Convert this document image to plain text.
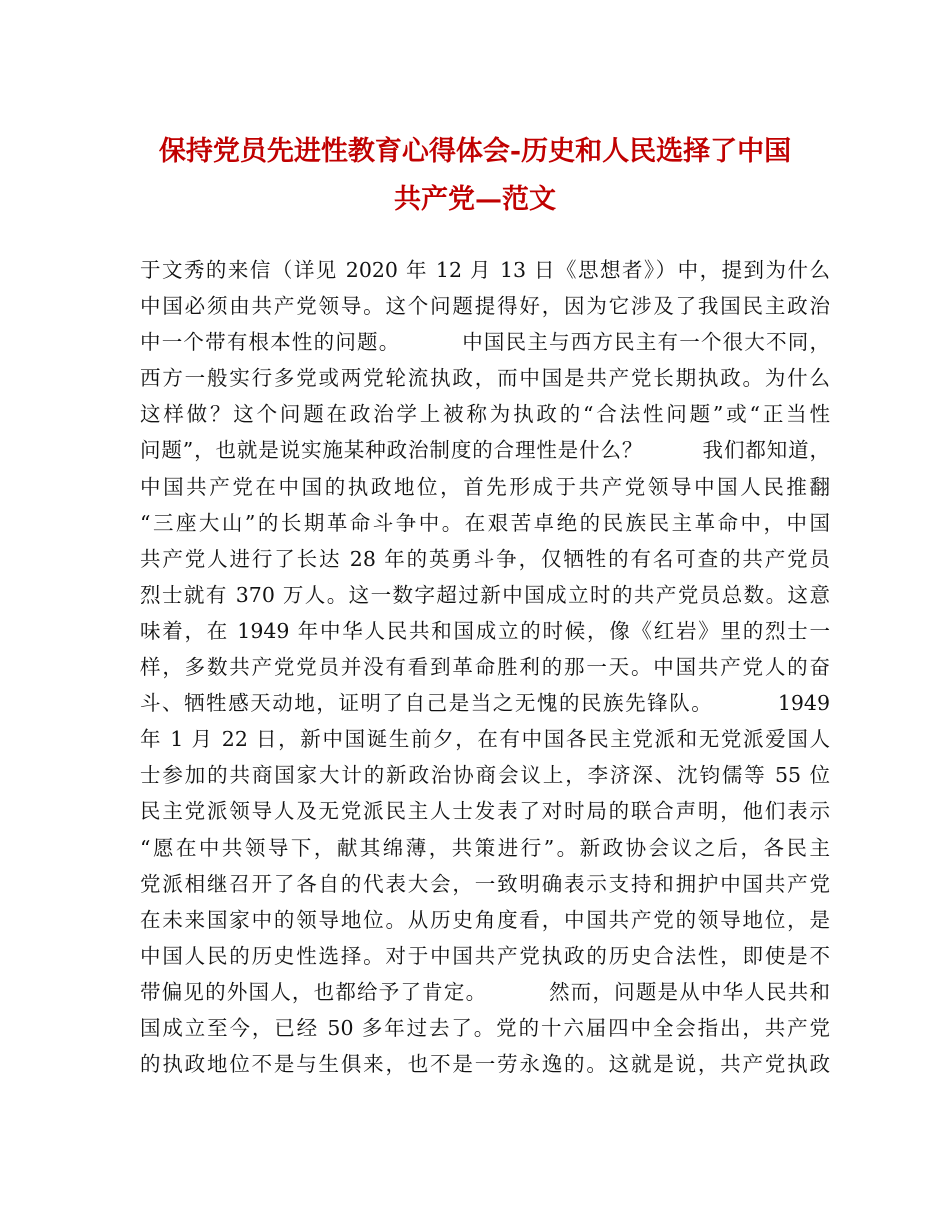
保持党员先进性教育心得体会-历史和人民选择了中国
共产党—范文
于文秀的来信（详见 2020 年 12 月 13 日《思想者》）中，提到为什么
中国必须由共产党领导。这个问题提得好，因为它涉及了我国民主政治
中一个带有根本性的问题。        中国民主与西方民主有一个很大不同，
西方一般实行多党或两党轮流执政，而中国是共产党长期执政。为什么
这样做？这个问题在政治学上被称为执政的“合法性问题”或“正当性
问题”，也就是说实施某种政治制度的合理性是什么？        我们都知道，
中国共产党在中国的执政地位，首先形成于共产党领导中国人民推翻
“三座大山”的长期革命斗争中。在艰苦卓绝的民族民主革命中，中国
共产党人进行了长达 28 年的英勇斗争，仅牺牲的有名可查的共产党员
烈士就有 370 万人。这一数字超过新中国成立时的共产党员总数。这意
味着，在 1949 年中华人民共和国成立的时候，像《红岩》里的烈士一
样，多数共产党党员并没有看到革命胜利的那一天。中国共产党人的奋
斗、牺牲感天动地，证明了自己是当之无愧的民族先锋队。        1949
年 1 月 22 日，新中国诞生前夕，在有中国各民主党派和无党派爱国人
士参加的共商国家大计的新政治协商会议上，李济深、沈钧儒等 55 位
民主党派领导人及无党派民主人士发表了对时局的联合声明，他们表示
“愿在中共领导下，献其绵薄，共策进行”。新政协会议之后，各民主
党派相继召开了各自的代表大会，一致明确表示支持和拥护中国共产党
在未来国家中的领导地位。从历史角度看，中国共产党的领导地位，是
中国人民的历史性选择。对于中国共产党执政的历史合法性，即使是不
带偏见的外国人，也都给予了肯定。        然而，问题是从中华人民共和
国成立至今，已经 50 多年过去了。党的十六届四中全会指出，共产党
的执政地位不是与生俱来，也不是一劳永逸的。这就是说，共产党执政
